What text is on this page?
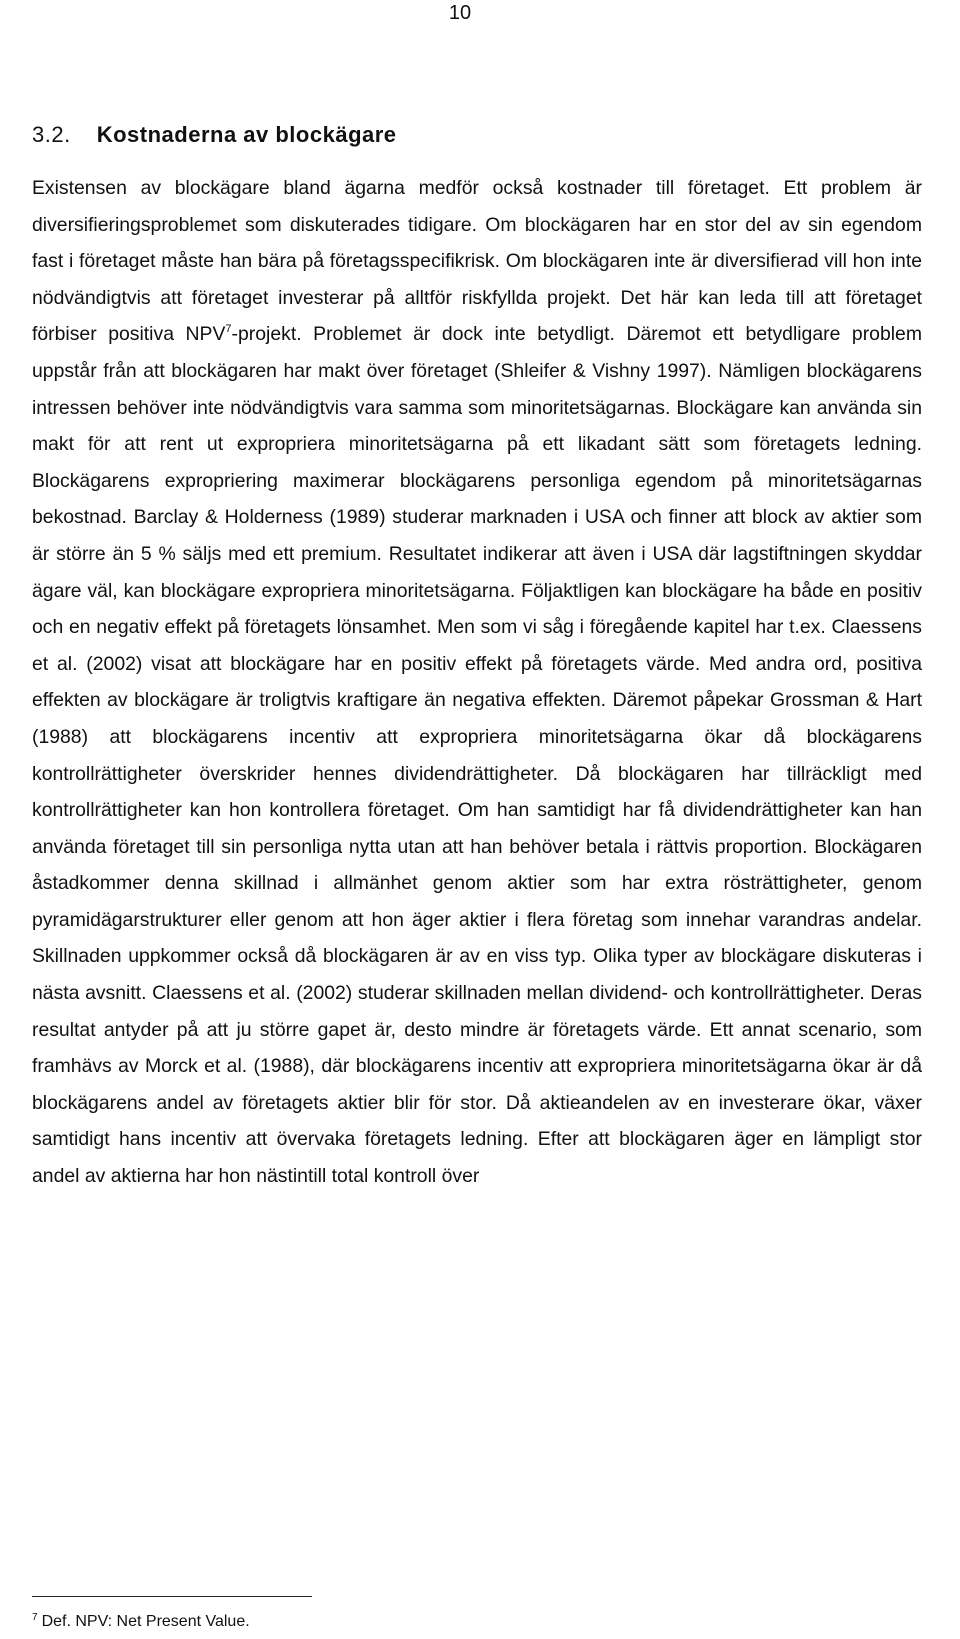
10
3.2. Kostnaderna av blockägare

Existensen av blockägare bland ägarna medför också kostnader till företaget. Ett problem är diversifieringsproblemet som diskuterades tidigare. Om blockägaren har en stor del av sin egendom fast i företaget måste han bära på företagsspecifikrisk. Om blockägaren inte är diversifierad vill hon inte nödvändigtvis att företaget investerar på alltför riskfyllda projekt. Det här kan leda till att företaget förbiser positiva NPV$^7$-projekt. Problemet är dock inte betydligt. Däremot ett betydligare problem uppstår från att blockägaren har makt över företaget (Shleifer & Vishny 1997). Nämligen blockägarens intressen behöver inte nödvändigtvis vara samma som minoritetsägarnas. Blockägare kan använda sin makt för att rent ut expropriera minoritetsägarna på ett likadant sätt som företagets ledning. Blockägarens expropriering maximerar blockägarens personliga egendom på minoritetsägarnas bekostnad. Barclay & Holderness (1989) studerar marknaden i USA och finner att block av aktier som är större än 5 % säljs med ett premium. Resultatet indikerar att även i USA där lagstiftningen skyddar ägare väl, kan blockägare expropriera minoritetsägarna. Följaktligen kan blockägare ha både en positiv och en negativ effekt på företagets lönsamhet. Men som vi såg i föregående kapitel har t.ex. Claessens et al. (2002) visat att blockägare har en positiv effekt på företagets värde. Med andra ord, positiva effekten av blockägare är troligtvis kraftigare än negativa effekten. Däremot påpekar Grossman & Hart (1988) att blockägarens incentiv att expropriera minoritetsägarna ökar då blockägarens kontrollrättigheter överskrider hennes dividendrättigheter. Då blockägaren har tillräckligt med kontrollrättigheter kan hon kontrollera företaget. Om han samtidigt har få dividendrättigheter kan han använda företaget till sin personliga nytta utan att han behöver betala i rättvis proportion. Blockägaren åstadkommer denna skillnad i allmänhet genom aktier som har extra rösträttigheter, genom pyramidägarstrukturer eller genom att hon äger aktier i flera företag som innehar varandras andelar. Skillnaden uppkommer också då blockägaren är av en viss typ. Olika typer av blockägare diskuteras i nästa avsnitt. Claessens et al. (2002) studerar skillnaden mellan dividend- och kontrollrättigheter. Deras resultat antyder på att ju större gapet är, desto mindre är företagets värde. Ett annat scenario, som framhävs av Morck et al. (1988), där blockägarens incentiv att expropriera minoritetsägarna ökar är då blockägarens andel av företagets aktier blir för stor. Då aktieandelen av en investerare ökar, växer samtidigt hans incentiv att övervaka företagets ledning. Efter att blockägaren äger en lämpligt stor andel av aktierna har hon nästintill total kontroll över

$^7$ Def. NPV: Net Present Value.
